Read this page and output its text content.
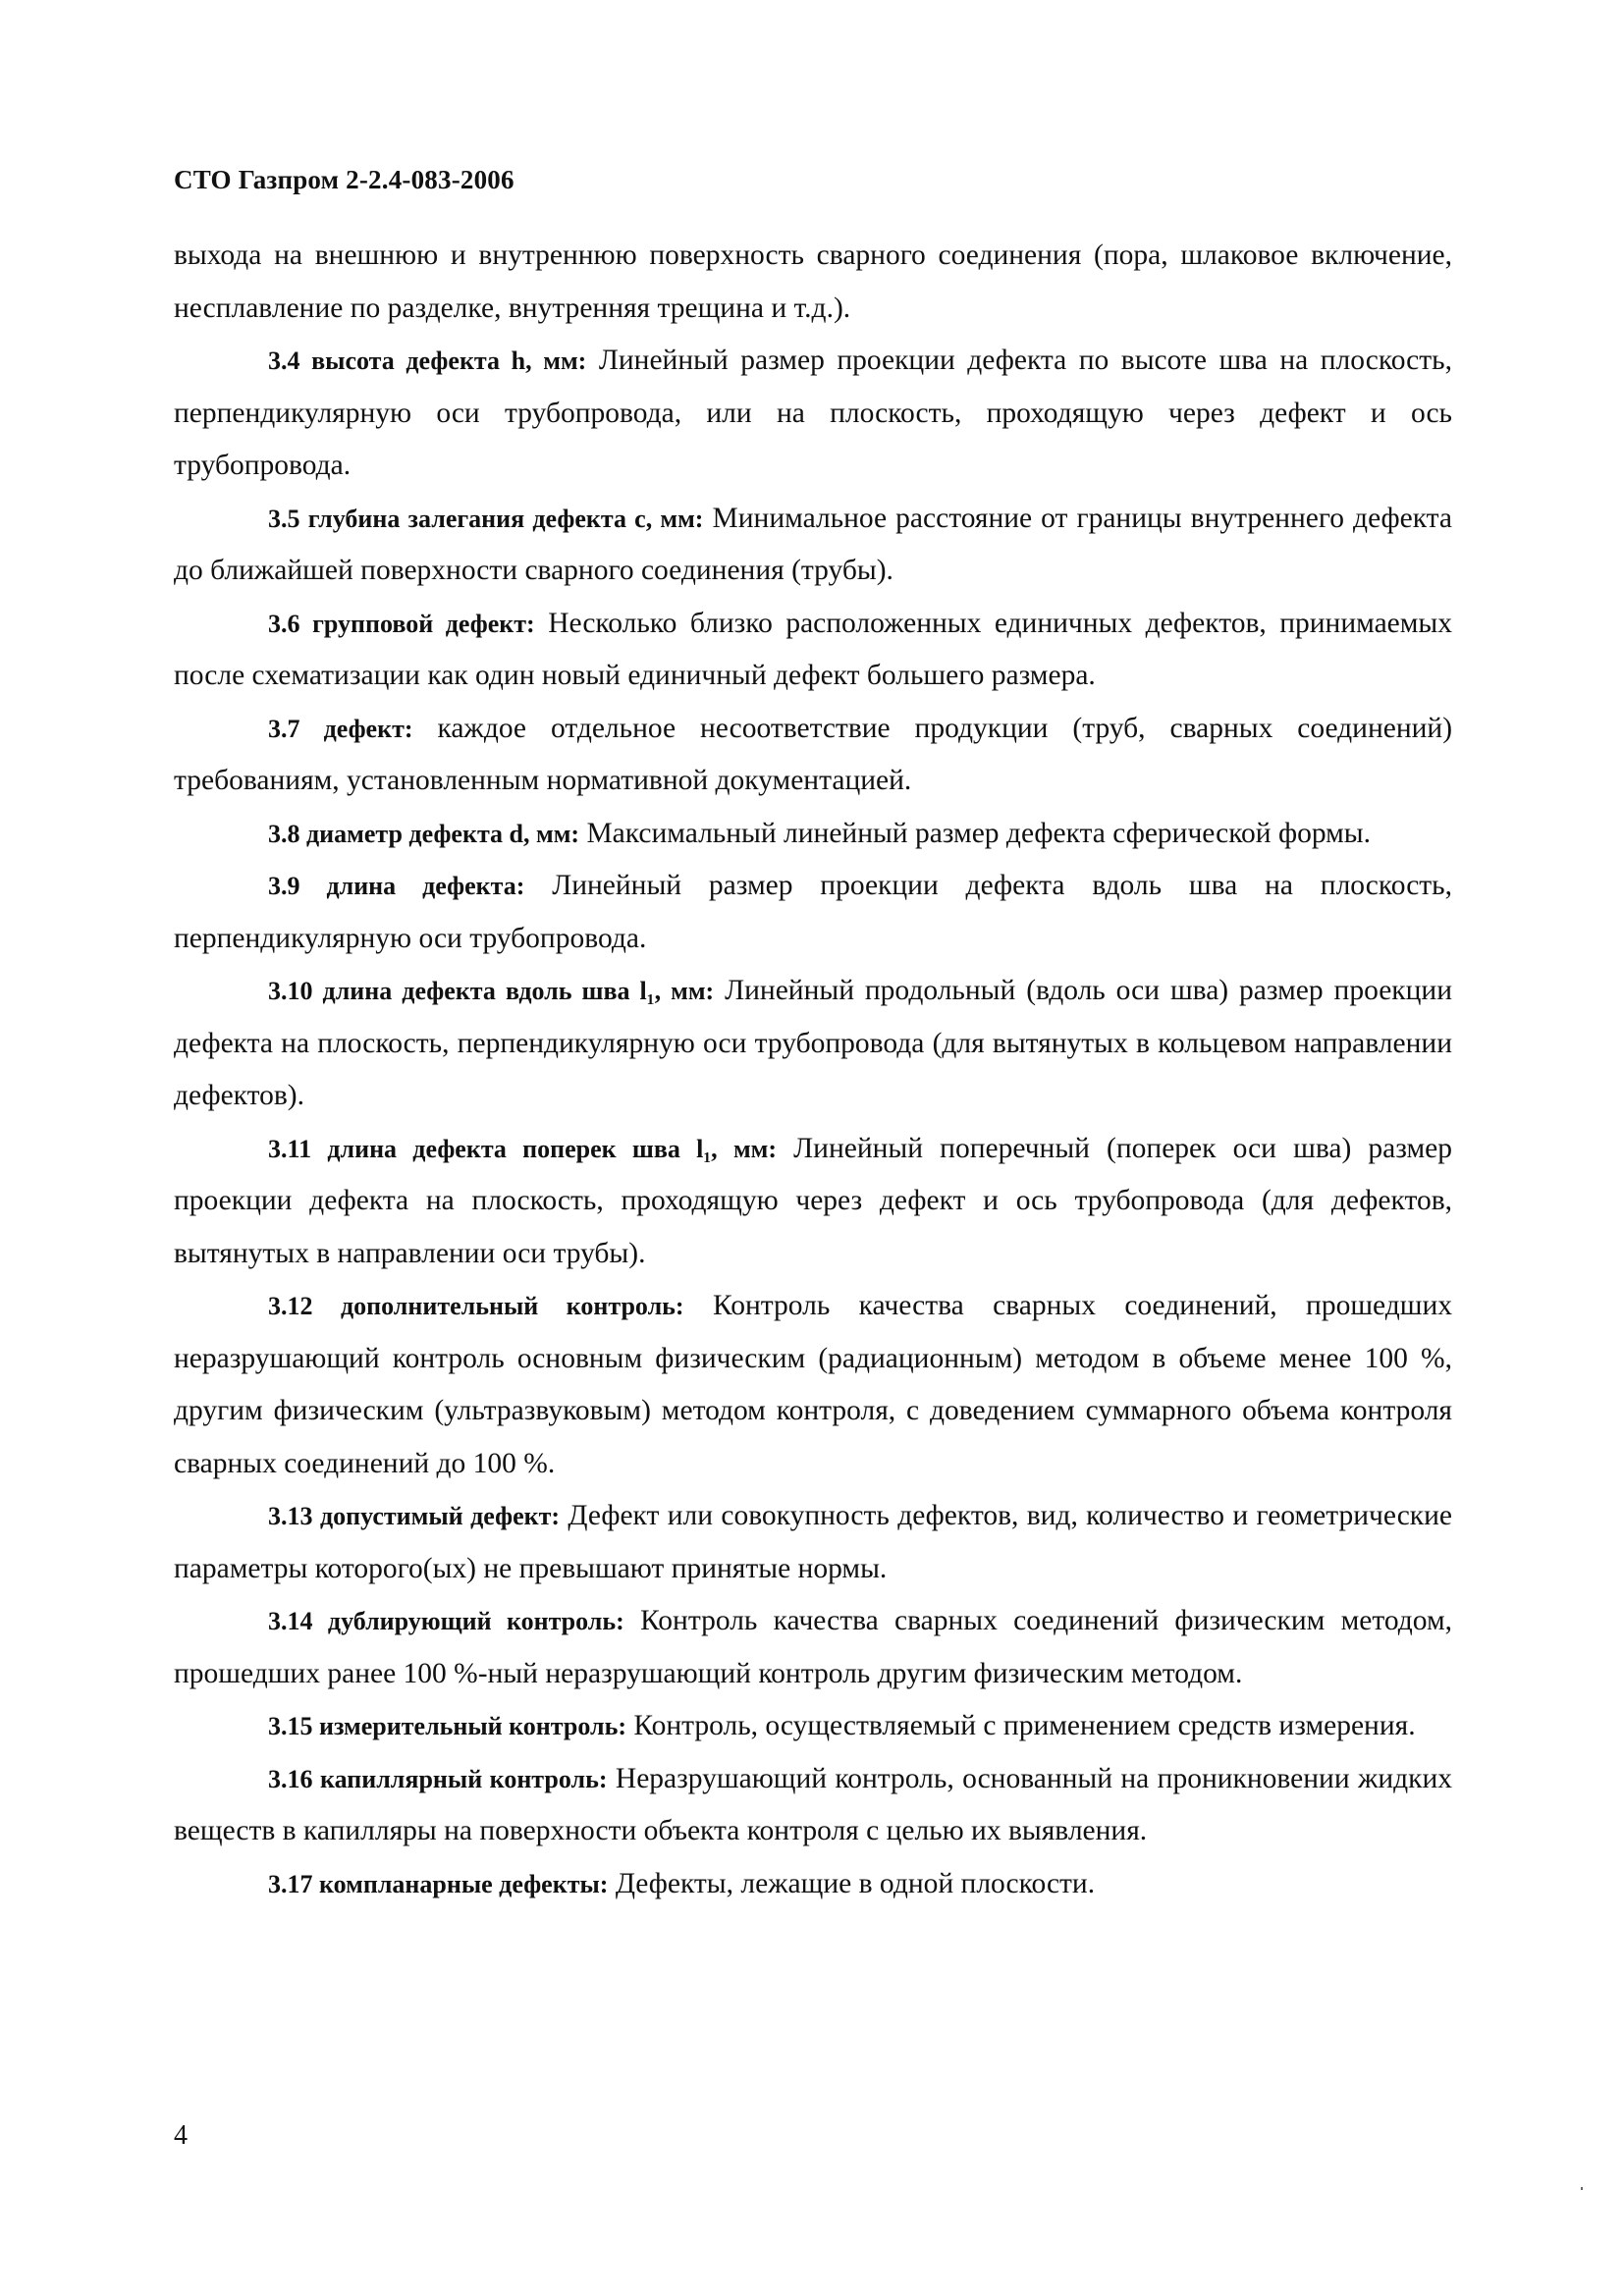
СТО Газпром 2-2.4-083-2006

выхода на внешнюю и внутреннюю поверхность сварного соединения (пора, шлаковое включение, несплавление по разделке, внутренняя трещина и т.д.).

3.4 высота дефекта h, мм: Линейный размер проекции дефекта по высоте шва на плоскость, перпендикулярную оси трубопровода, или на плоскость, проходящую через дефект и ось трубопровода.

3.5 глубина залегания дефекта с, мм: Минимальное расстояние от границы внутреннего дефекта до ближайшей поверхности сварного соединения (трубы).

3.6 групповой дефект: Несколько близко расположенных единичных дефектов, принимаемых после схематизации как один новый единичный дефект большего размера.

3.7 дефект: каждое отдельное несоответствие продукции (труб, сварных соединений) требованиям, установленным нормативной документацией.

3.8 диаметр дефекта d, мм: Максимальный линейный размер дефекта сферической формы.

3.9 длина дефекта: Линейный размер проекции дефекта вдоль шва на плоскость, перпендикулярную оси трубопровода.

3.10 длина дефекта вдоль шва l₁, мм: Линейный продольный (вдоль оси шва) размер проекции дефекта на плоскость, перпендикулярную оси трубопровода (для вытянутых в кольцевом направлении дефектов).

3.11 длина дефекта поперек шва l₁, мм: Линейный поперечный (поперек оси шва) размер проекции дефекта на плоскость, проходящую через дефект и ось трубопровода (для дефектов, вытянутых в направлении оси трубы).

3.12 дополнительный контроль: Контроль качества сварных соединений, прошедших неразрушающий контроль основным физическим (радиационным) методом в объеме менее 100 %, другим физическим (ультразвуковым) методом контроля, с доведением суммарного объема контроля сварных соединений до 100 %.

3.13 допустимый дефект: Дефект или совокупность дефектов, вид, количество и геометрические параметры которого(ых) не превышают принятые нормы.

3.14 дублирующий контроль: Контроль качества сварных соединений физическим методом, прошедших ранее 100 %-ный неразрушающий контроль другим физическим методом.

3.15 измерительный контроль: Контроль, осуществляемый с применением средств измерения.

3.16 капиллярный контроль: Неразрушающий контроль, основанный на проникновении жидких веществ в капилляры на поверхности объекта контроля с целью их выявления.

3.17 компланарные дефекты: Дефекты, лежащие в одной плоскости.

4
